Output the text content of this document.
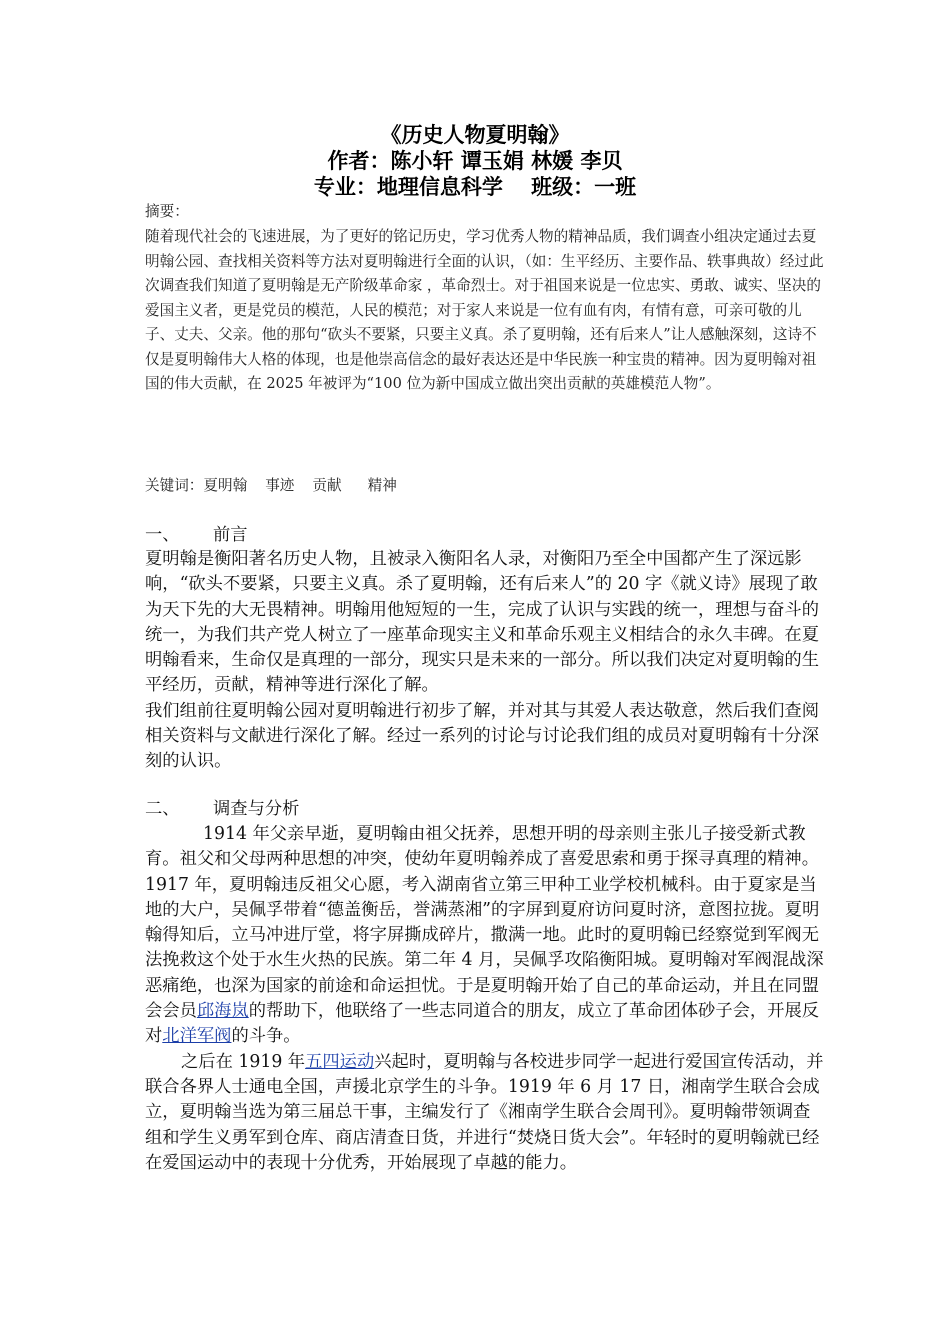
《历史人物夏明翰》
作者：陈小轩 谭玉娟 林媛 李贝
专业：地理信息科学　 班级：一班
摘要：
随着现代社会的飞速进展，为了更好的铭记历史，学习优秀人物的精神品质，我们调查小组决定通过去夏明翰公园、查找相关资料等方法对夏明翰进行全面的认识，（如：生平经历、主要作品、轶事典故）经过此次调查我们知道了夏明翰是无产阶级革命家 ，革命烈士。对于祖国来说是一位忠实、勇敢、诚实、坚决的爱国主义者，更是党员的模范，人民的模范；对于家人来说是一位有血有肉，有情有意，可亲可敬的儿子、丈夫、父亲。他的那句“砍头不要紧，只要主义真。杀了夏明翰，还有后来人”让人感触深刻，这诗不仅是夏明翰伟大人格的体现，也是他崇高信念的最好表达还是中华民族一种宝贵的精神。因为夏明翰对祖国的伟大贡献，在 2025 年被评为“100 位为新中国成立做出突出贡献的英雄模范人物”。
关键词：夏明翰 事迹 贡献 精神
一、 前言

夏明翰是衡阳著名历史人物，且被录入衡阳名人录，对衡阳乃至全中国都产生了深远影响，“砍头不要紧，只要主义真。杀了夏明翰，还有后来人”的 20 字《就义诗》展现了敢为天下先的大无畏精神。明翰用他短短的一生，完成了认识与实践的统一，理想与奋斗的统一，为我们共产党人树立了一座革命现实主义和革命乐观主义相结合的永久丰碑。在夏明翰看来，生命仅是真理的一部分，现实只是未来的一部分。所以我们决定对夏明翰的生平经历，贡献，精神等进行深化了解。

我们组前往夏明翰公园对夏明翰进行初步了解，并对其与其爱人表达敬意，然后我们查阅相关资料与文献进行深化了解。经过一系列的讨论与讨论我们组的成员对夏明翰有十分深刻的认识。

二、 调查与分析

1914 年父亲早逝，夏明翰由祖父抚养，思想开明的母亲则主张儿子接受新式教育。祖父和父母两种思想的冲突，使幼年夏明翰养成了喜爱思索和勇于探寻真理的精神。1917 年，夏明翰违反祖父心愿，考入湖南省立第三甲种工业学校机械科。由于夏家是当地的大户，吴佩孚带着“德盖衡岳，誉满蒸湘”的字屏到夏府访问夏时济，意图拉拢。夏明翰得知后，立马冲进厅堂，将字屏撕成碎片，撒满一地。此时的夏明翰已经察觉到军阀无法挽救这个处于水生火热的民族。第二年 4 月，吴佩孚攻陷衡阳城。夏明翰对军阀混战深恶痛绝，也深为国家的前途和命运担忧。于是夏明翰开始了自己的革命运动，并且在同盟会会员邱海岚的帮助下，他联络了一些志同道合的朋友，成立了革命团体砂子会，开展反对北洋军阀的斗争。

之后在 1919 年五四运动兴起时，夏明翰与各校进步同学一起进行爱国宣传活动，并联合各界人士通电全国，声援北京学生的斗争。1919 年 6 月 17 日，湘南学生联合会成立，夏明翰当选为第三届总干事，主编发行了《湘南学生联合会周刊》。夏明翰带领调查组和学生义勇军到仓库、商店清查日货，并进行“焚烧日货大会”。年轻时的夏明翰就已经在爱国运动中的表现十分优秀，开始展现了卓越的能力。
